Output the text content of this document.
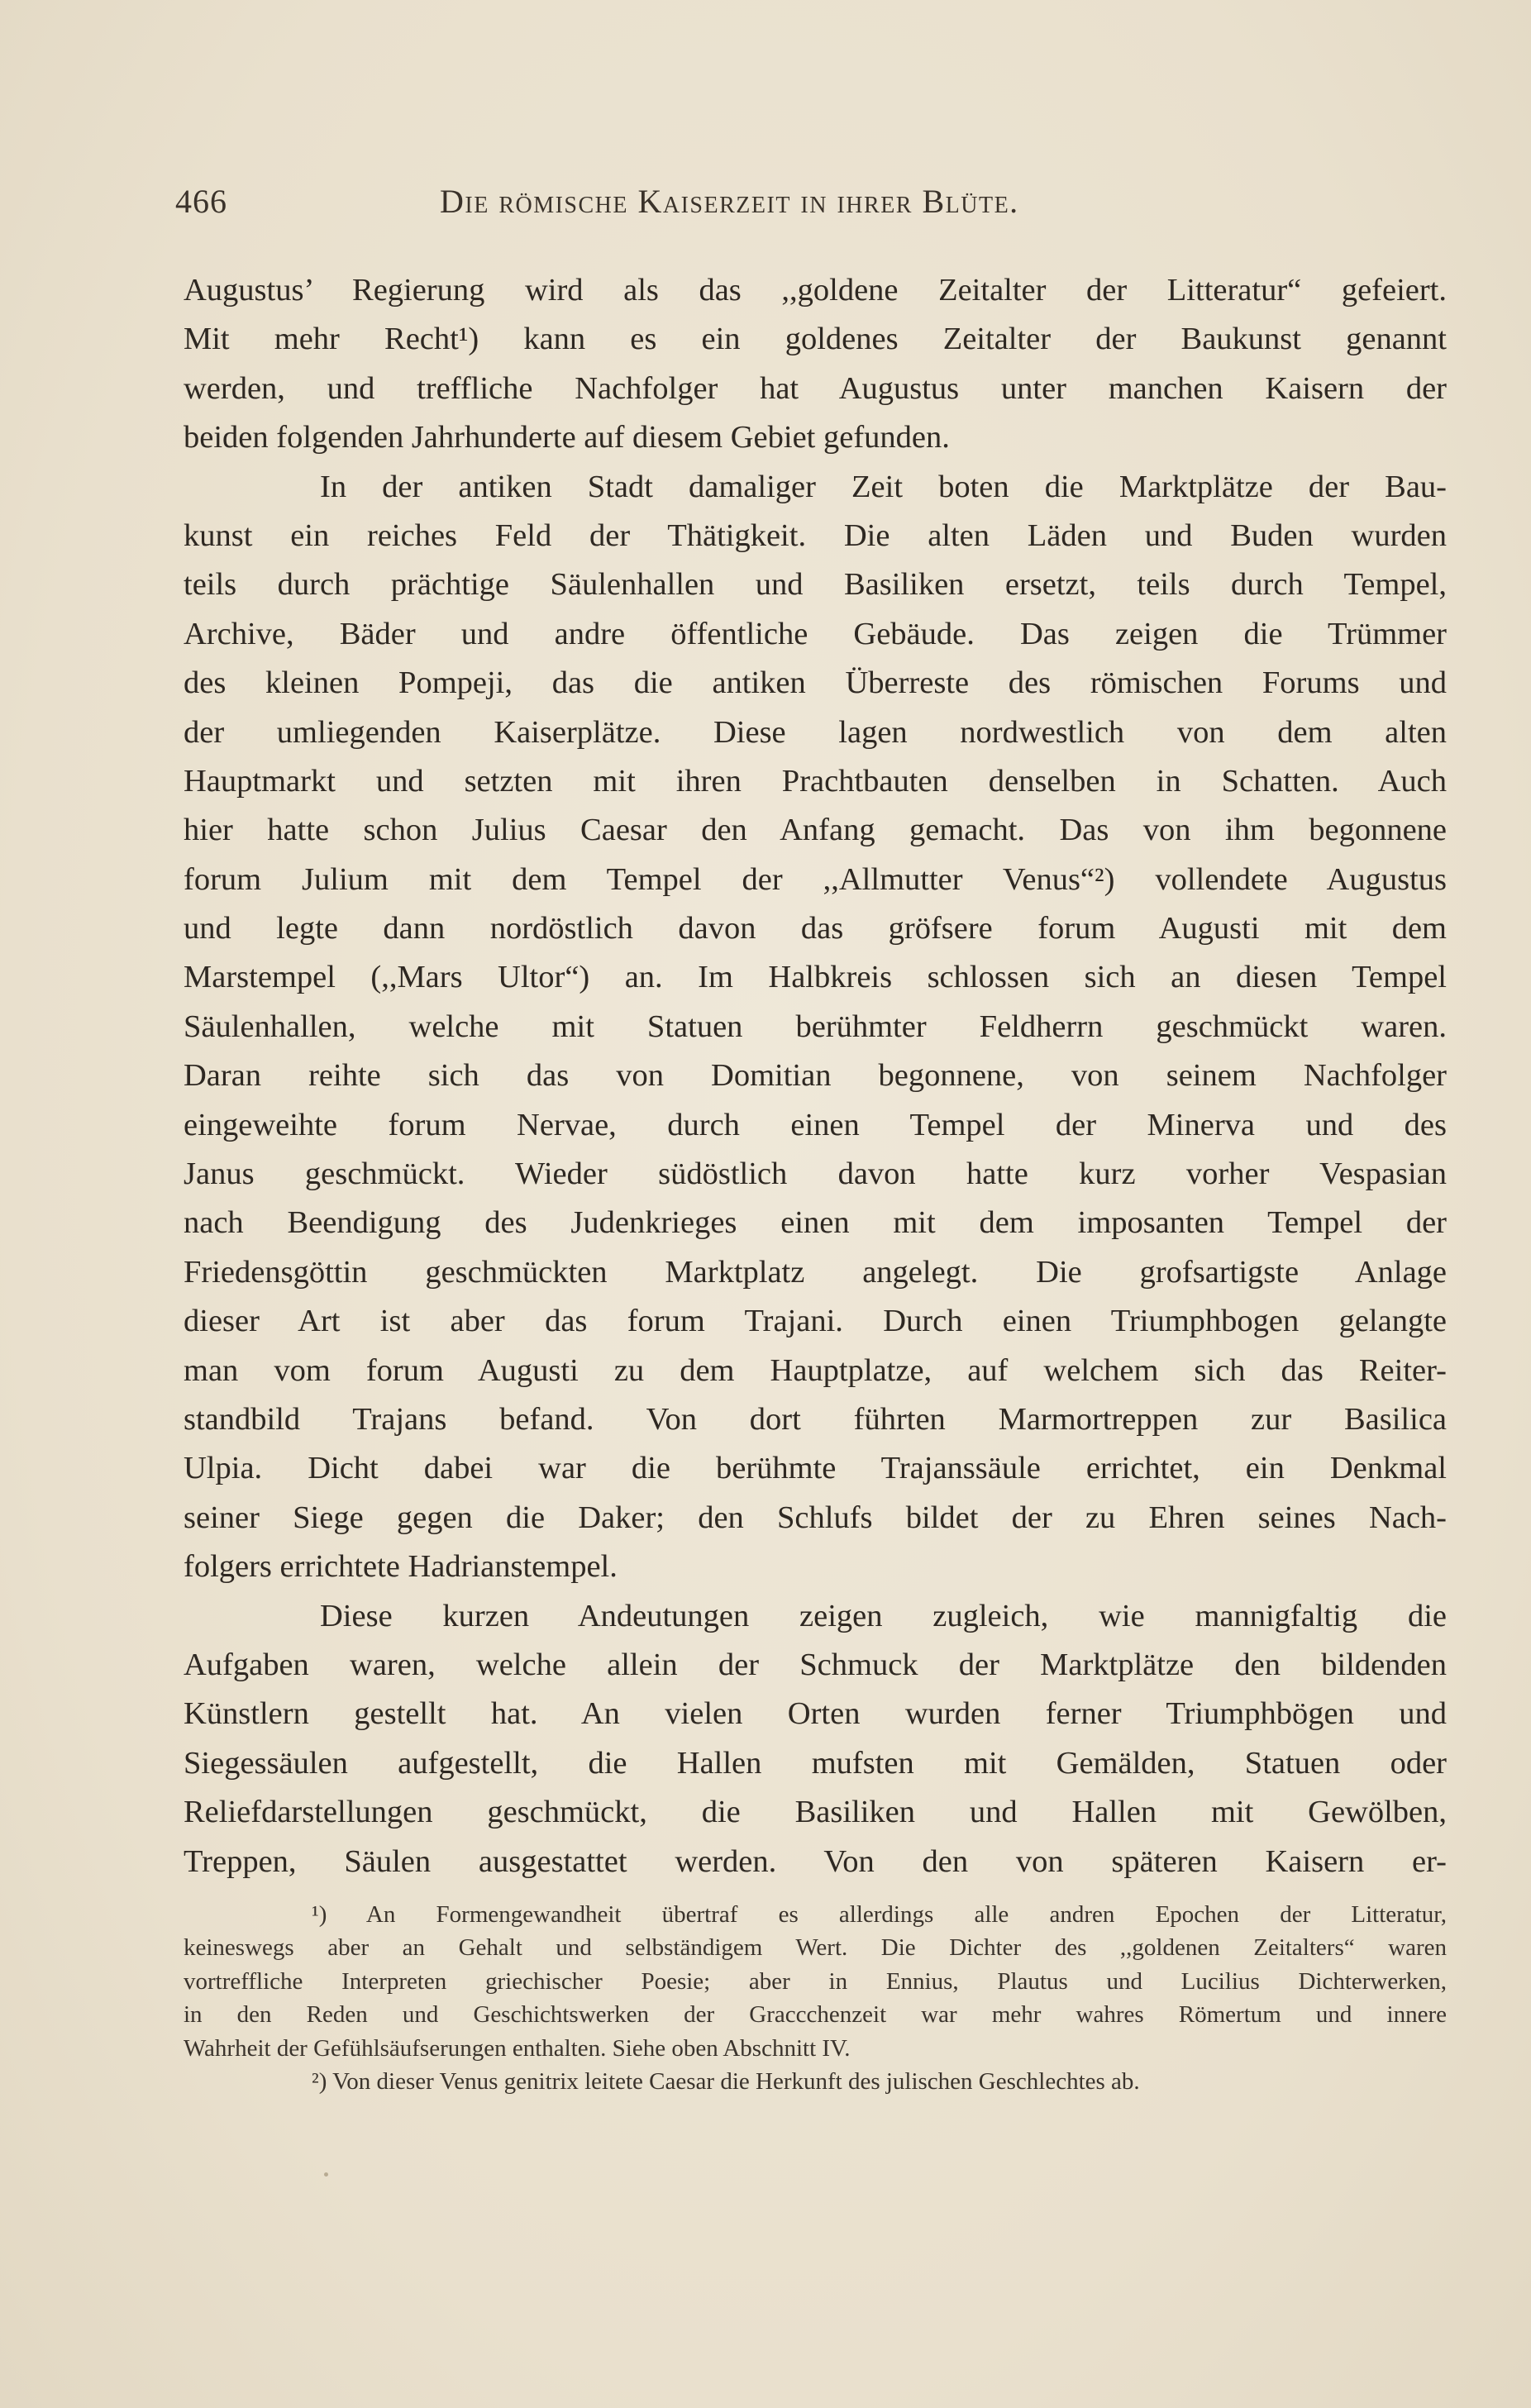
466	Die römische Kaiserzeit in ihrer Blüte.
Augustus’ Regierung wird als das ,,goldene Zeitalter der Litteratur“ gefeiert.
Mit mehr Recht¹) kann es ein goldenes Zeitalter der Baukunst genannt
werden, und treffliche Nachfolger hat Augustus unter manchen Kaisern der
beiden folgenden Jahrhunderte auf diesem Gebiet gefunden.
In der antiken Stadt damaliger Zeit boten die Marktplätze der Bau-
kunst ein reiches Feld der Thätigkeit. Die alten Läden und Buden wurden
teils durch prächtige Säulenhallen und Basiliken ersetzt, teils durch Tempel,
Archive, Bäder und andre öffentliche Gebäude. Das zeigen die Trümmer
des kleinen Pompeji, das die antiken Überreste des römischen Forums und
der umliegenden Kaiserplätze. Diese lagen nordwestlich von dem alten
Hauptmarkt und setzten mit ihren Prachtbauten denselben in Schatten. Auch
hier hatte schon Julius Caesar den Anfang gemacht. Das von ihm begonnene
forum Julium mit dem Tempel der ,,Allmutter Venus“²) vollendete Augustus
und legte dann nordöstlich davon das gröfsere forum Augusti mit dem
Marstempel (,,Mars Ultor“) an. Im Halbkreis schlossen sich an diesen Tempel
Säulenhallen, welche mit Statuen berühmter Feldherrn geschmückt waren.
Daran reihte sich das von Domitian begonnene, von seinem Nachfolger
eingeweihte forum Nervae, durch einen Tempel der Minerva und des
Janus geschmückt. Wieder südöstlich davon hatte kurz vorher Vespasian
nach Beendigung des Judenkrieges einen mit dem imposanten Tempel der
Friedensgöttin geschmückten Marktplatz angelegt. Die grofsartigste Anlage
dieser Art ist aber das forum Trajani. Durch einen Triumphbogen gelangte
man vom forum Augusti zu dem Hauptplatze, auf welchem sich das Reiter-
standbild Trajans befand. Von dort führten Marmortreppen zur Basilica
Ulpia. Dicht dabei war die berühmte Trajanssäule errichtet, ein Denkmal
seiner Siege gegen die Daker; den Schlufs bildet der zu Ehren seines Nach-
folgers errichtete Hadrianstempel.
Diese kurzen Andeutungen zeigen zugleich, wie mannigfaltig die
Aufgaben waren, welche allein der Schmuck der Marktplätze den bildenden
Künstlern gestellt hat. An vielen Orten wurden ferner Triumphbögen und
Siegessäulen aufgestellt, die Hallen mufsten mit Gemälden, Statuen oder
Reliefdarstellungen geschmückt, die Basiliken und Hallen mit Gewölben,
Treppen, Säulen ausgestattet werden. Von den von späteren Kaisern er-
¹) An Formengewandheit übertraf es allerdings alle andren Epochen der Litteratur,
keineswegs aber an Gehalt und selbständigem Wert. Die Dichter des ,,goldenen Zeitalters“ waren
vortreffliche Interpreten griechischer Poesie; aber in Ennius, Plautus und Lucilius Dichterwerken,
in den Reden und Geschichtswerken der Graccchenzeit war mehr wahres Römertum und innere
Wahrheit der Gefühlsäufserungen enthalten. Siehe oben Abschnitt IV.
²) Von dieser Venus genitrix leitete Caesar die Herkunft des julischen Geschlechtes ab.
